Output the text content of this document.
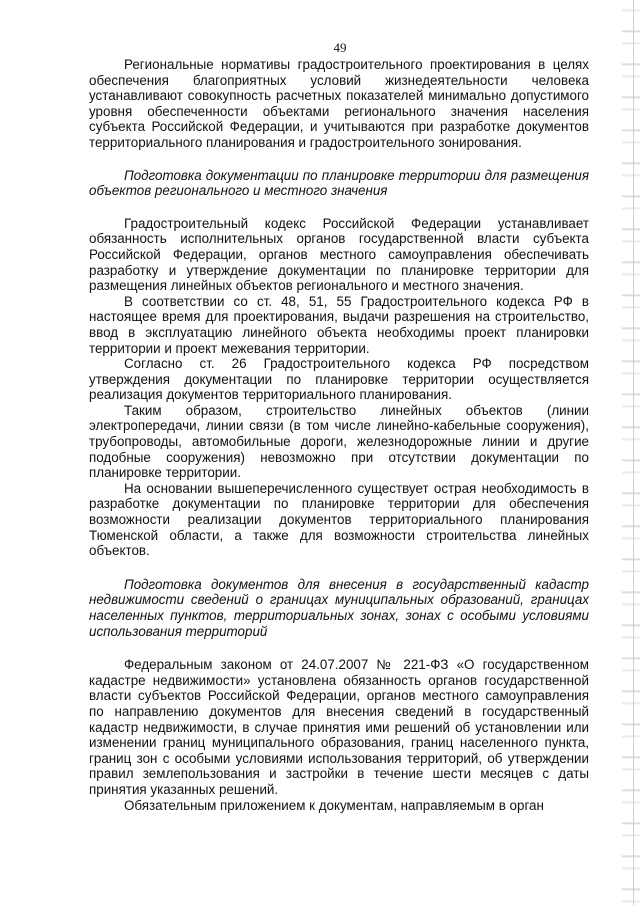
49

Региональные нормативы градостроительного проектирования в целях обеспечения благоприятных условий жизнедеятельности человека устанавливают совокупность расчетных показателей минимально допустимого уровня обеспеченности объектами регионального значения населения субъекта Российской Федерации, и учитываются при разработке документов территориального планирования и градостроительного зонирования.

Подготовка документации по планировке территории для размещения объектов регионального и местного значения

Градостроительный кодекс Российской Федерации устанавливает обязанность исполнительных органов государственной власти субъекта Российской Федерации, органов местного самоуправления обеспечивать разработку и утверждение документации по планировке территории для размещения линейных объектов регионального и местного значения.

В соответствии со ст. 48, 51, 55 Градостроительного кодекса РФ в настоящее время для проектирования, выдачи разрешения на строительство, ввод в эксплуатацию линейного объекта необходимы проект планировки территории и проект межевания территории.

Согласно ст. 26 Градостроительного кодекса РФ посредством утверждения документации по планировке территории осуществляется реализация документов территориального планирования.

Таким образом, строительство линейных объектов (линии электропередачи, линии связи (в том числе линейно-кабельные сооружения), трубопроводы, автомобильные дороги, железнодорожные линии и другие подобные сооружения) невозможно при отсутствии документации по планировке территории.

На основании вышеперечисленного существует острая необходимость в разработке документации по планировке территории для обеспечения возможности реализации документов территориального планирования Тюменской области, а также для возможности строительства линейных объектов.

Подготовка документов для внесения в государственный кадастр недвижимости сведений о границах муниципальных образований, границах населенных пунктов, территориальных зонах, зонах с особыми условиями использования территорий

Федеральным законом от 24.07.2007 № 221-ФЗ «О государственном кадастре недвижимости» установлена обязанность органов государственной власти субъектов Российской Федерации, органов местного самоуправления по направлению документов для внесения сведений в государственный кадастр недвижимости, в случае принятия ими решений об установлении или изменении границ муниципального образования, границ населенного пункта, границ зон с особыми условиями использования территорий, об утверждении правил землепользования и застройки в течение шести месяцев с даты принятия указанных решений.

Обязательным приложением к документам, направляемым в орган
